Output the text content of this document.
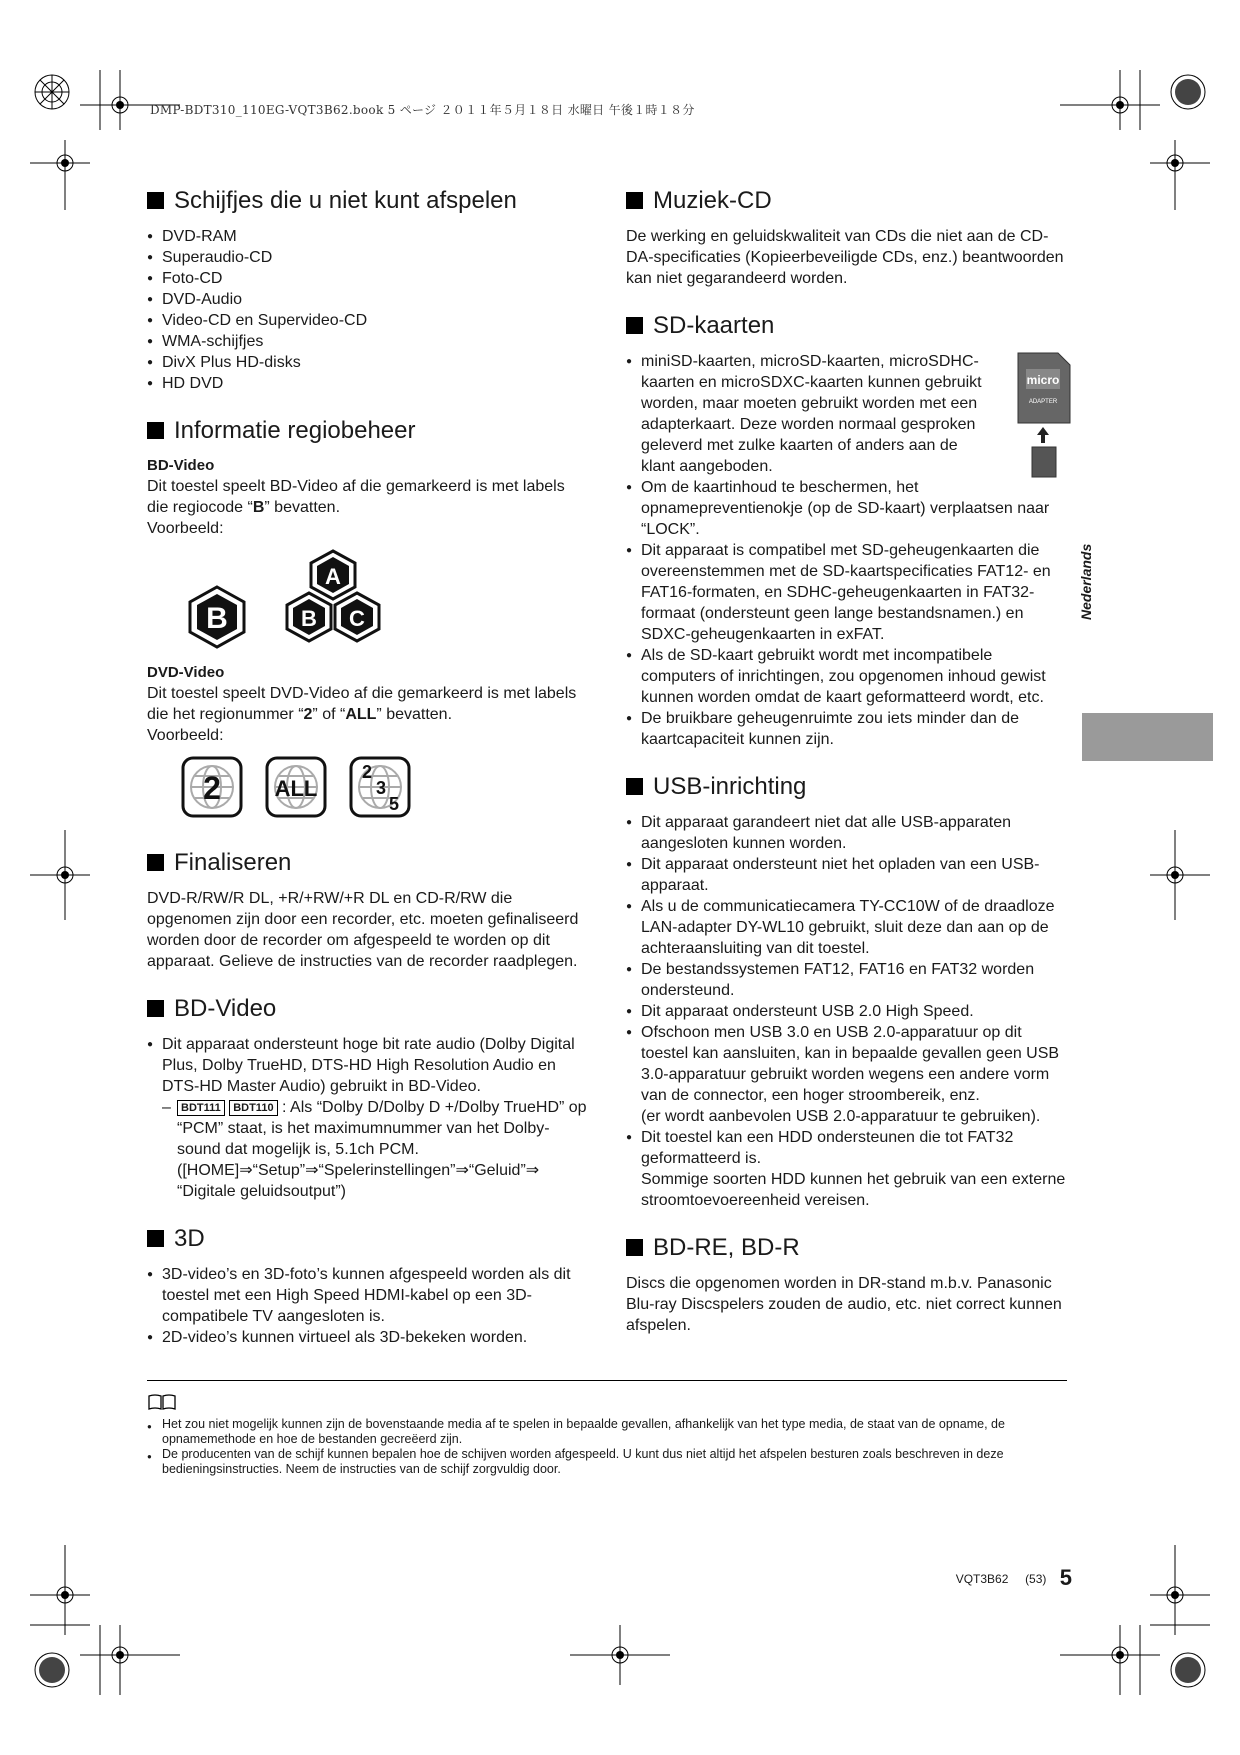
DMP-BDT310_110EG-VQT3B62.book 5 ページ ２０１１年５月１８日 水曜日 午後１時１８分
Schijfjes die u niet kunt afspelen
● DVD-RAM
● Superaudio-CD
● Foto-CD
● DVD-Audio
● Video-CD en Supervideo-CD
● WMA-schijfjes
● DivX Plus HD-disks
● HD DVD
Informatie regiobeheer
BD-Video

Dit toestel speelt BD-Video af die gemarkeerd is met labels die regiocode “B” bevatten.

Voorbeeld:

B
A
B C
DVD-Video

Dit toestel speelt DVD-Video af die gemarkeerd is met labels die het regionummer “2” of “ALL” bevatten.

Voorbeeld:

2 ALL
2
3
5
Finaliseren

DVD-R/RW/R DL, +R/+RW/+R DL en CD-R/RW die opgenomen zijn door een recorder, etc. moeten gefinaliseerd worden door de recorder om afgespeeld te worden op dit apparaat. Gelieve de instructies van de recorder raadplegen.

BD-Video
● Dit apparaat ondersteunt hoge bit rate audio (Dolby Digital Plus, Dolby TrueHD, DTS-HD High Resolution Audio en DTS-HD Master Audio) gebruikt in BD-Video.
– BDT111 BDT110 : Als “Dolby D/Dolby D +/Dolby TrueHD” op “PCM” staat, is het maximumnummer van het Dolby-sound dat mogelijk is, 5.1ch PCM. ([HOME]⇒“Setup”⇒“Spelerinstellingen”⇒“Geluid”⇒ “Digitale geluidsoutput”)
3D
● 3D-video’s en 3D-foto’s kunnen afgespeeld worden als dit toestel met een High Speed HDMI-kabel op een 3D-compatibele TV aangesloten is.
● 2D-video’s kunnen virtueel als 3D-bekeken worden.
Muziek-CD

De werking en geluidskwaliteit van CDs die niet aan de CD-DA-specificaties (Kopieerbeveiligde CDs, enz.) beantwoorden kan niet gegarandeerd worden.

SD-kaarten
micro
ADAPTER
● miniSD-kaarten, microSD-kaarten, microSDHC-kaarten en microSDXC-kaarten kunnen gebruikt worden, maar moeten gebruikt worden met een adapterkaart. Deze worden normaal gesproken geleverd met zulke kaarten of anders aan de klant aangeboden.
● Om de kaartinhoud te beschermen, het opnamepreventienokje (op de SD-kaart) verplaatsen naar “LOCK”.
● Dit apparaat is compatibel met SD-geheugenkaarten die overeenstemmen met de SD-kaartspecificaties FAT12- en FAT16-formaten, en SDHC-geheugenkaarten in FAT32-formaat (ondersteunt geen lange bestandsnamen.) en SDXC-geheugenkaarten in exFAT.
● Als de SD-kaart gebruikt wordt met incompatibele computers of inrichtingen, zou opgenomen inhoud gewist kunnen worden omdat de kaart geformatteerd wordt, etc.
● De bruikbare geheugenruimte zou iets minder dan de kaartcapaciteit kunnen zijn.
USB-inrichting
● Dit apparaat garandeert niet dat alle USB-apparaten aangesloten kunnen worden.
● Dit apparaat ondersteunt niet het opladen van een USB-apparaat.
● Als u de communicatiecamera TY-CC10W of de draadloze LAN-adapter DY-WL10 gebruikt, sluit deze dan aan op de achteraansluiting van dit toestel.
● De bestandssystemen FAT12, FAT16 en FAT32 worden ondersteund.
● Dit apparaat ondersteunt USB 2.0 High Speed.
● Ofschoon men USB 3.0 en USB 2.0-apparatuur op dit toestel kan aansluiten, kan in bepaalde gevallen geen USB 3.0-apparatuur gebruikt worden wegens een andere vorm van de connector, een hoger stroombereik, enz.
(er wordt aanbevolen USB 2.0-apparatuur te gebruiken).
● Dit toestel kan een HDD ondersteunen die tot FAT32 geformatteerd is.
Sommige soorten HDD kunnen het gebruik van een externe stroomtoevoereenheid vereisen.
BD-RE, BD-R

Discs die opgenomen worden in DR-stand m.b.v. Panasonic Blu-ray Discspelers zouden de audio, etc. niet correct kunnen afspelen.

Nederlands
● Het zou niet mogelijk kunnen zijn de bovenstaande media af te spelen in bepaalde gevallen, afhankelijk van het type media, de staat van de opname, de opnamemethode en hoe de bestanden gecreëerd zijn.
● De producenten van de schijf kunnen bepalen hoe de schijven worden afgespeeld. U kunt dus niet altijd het afspelen besturen zoals beschreven in deze bedieningsinstructies. Neem de instructies van de schijf zorgvuldig door.
VQT3B62 (53) 5
